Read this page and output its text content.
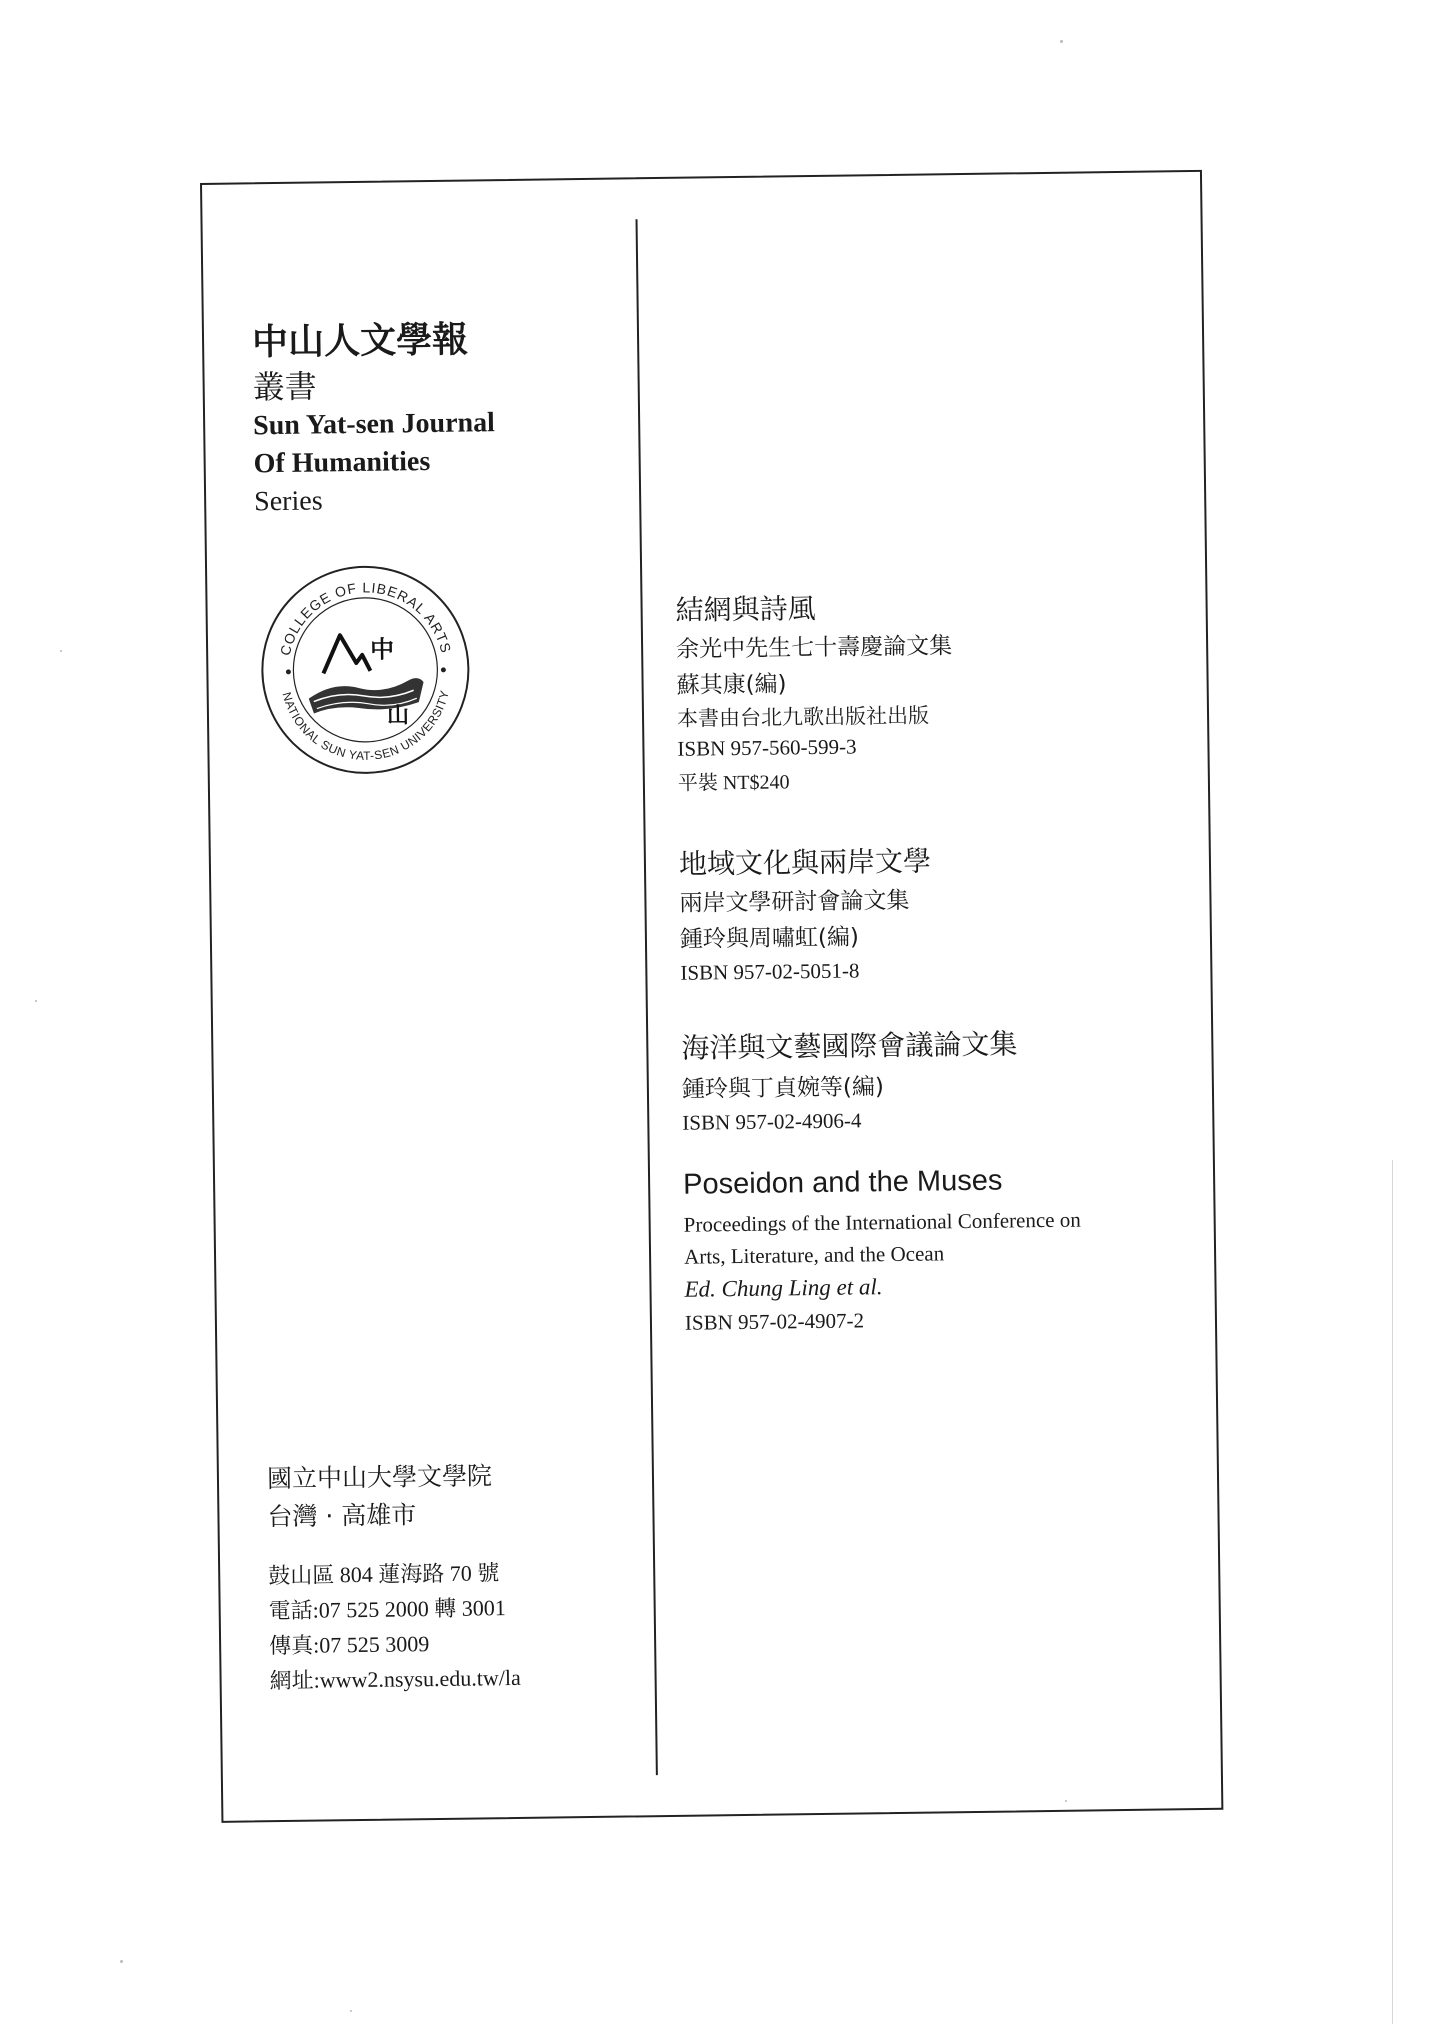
中山人文學報
叢書
Sun Yat-sen Journal
Of Humanities
Series
COLLEGE OF LIBERAL ARTS
NATIONAL SUN YAT-SEN UNIVERSITY
中
山
國立中山大學文學院
台灣 · 高雄市
鼓山區 804 蓮海路 70 號
電話:07 525 2000 轉 3001
傳真:07 525 3009
網址:www2.nsysu.edu.tw/la
結網與詩風
余光中先生七十壽慶論文集
蘇其康(編)
本書由台北九歌出版社出版
ISBN 957-560-599-3
平裝 NT$240
地域文化與兩岸文學
兩岸文學研討會論文集
鍾玲與周嘯虹(編)
ISBN 957-02-5051-8
海洋與文藝國際會議論文集
鍾玲與丁貞婉等(編)
ISBN 957-02-4906-4
Poseidon and the Muses
Proceedings of the International Conference on
Arts, Literature, and the Ocean
Ed. Chung Ling et al.
ISBN 957-02-4907-2
